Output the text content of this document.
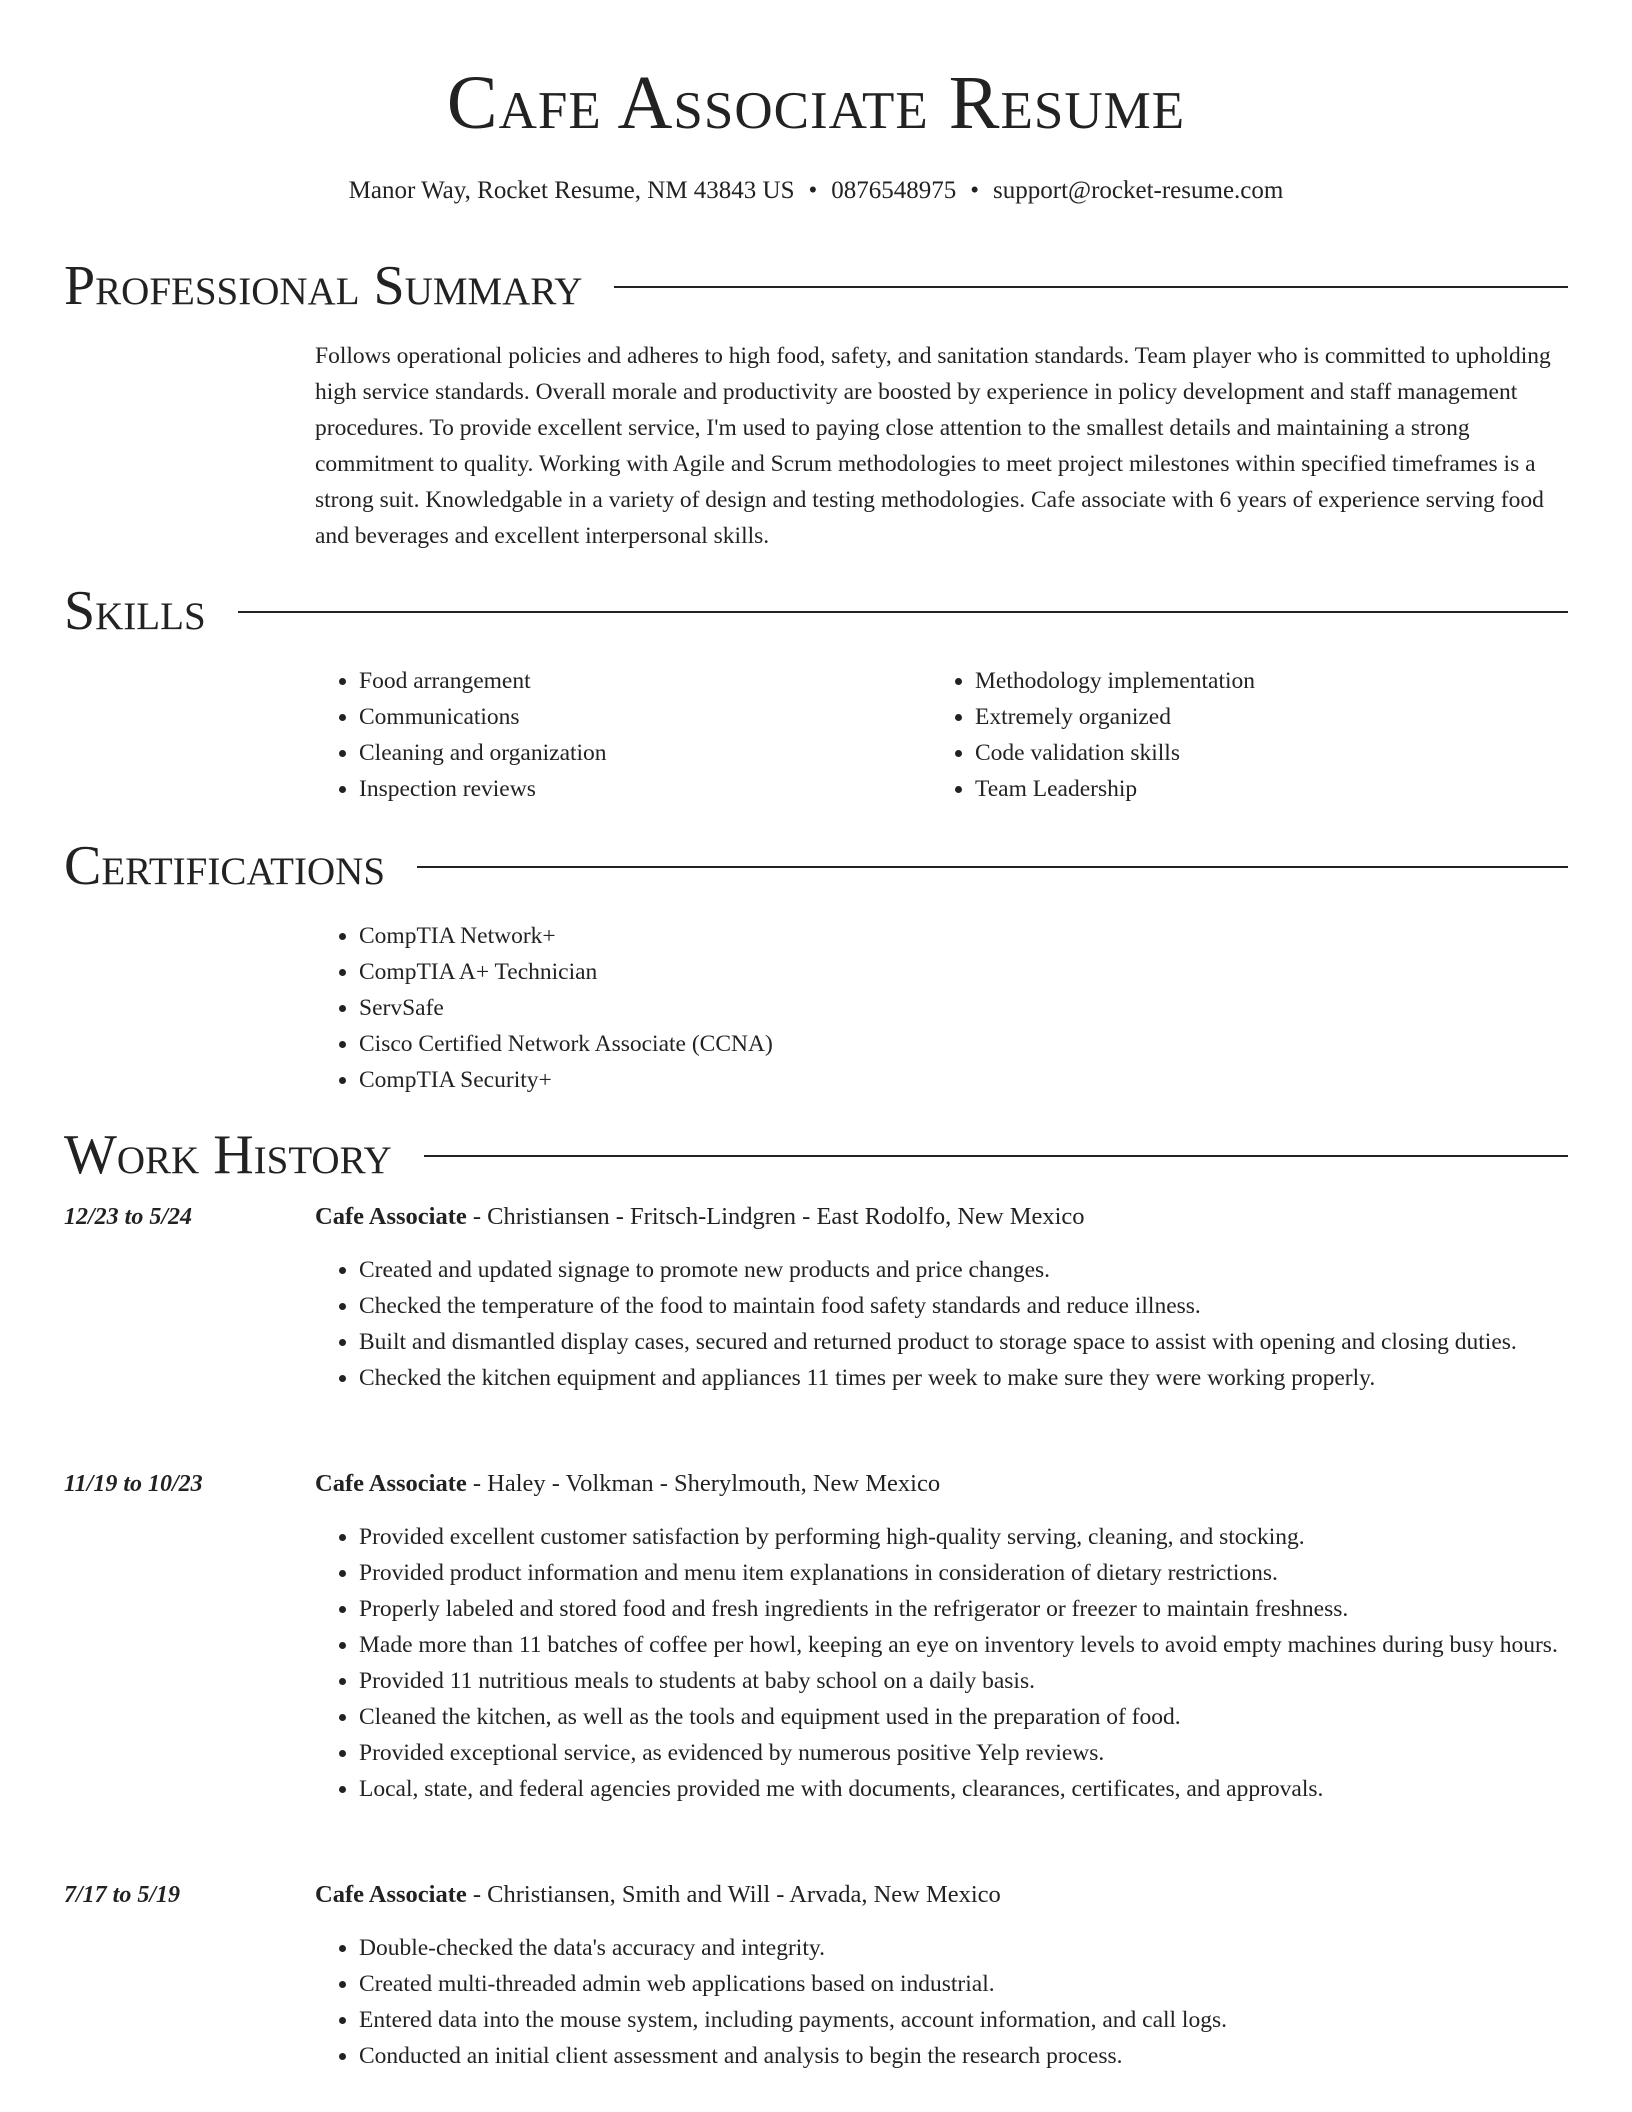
Cafe Associate Resume
Manor Way, Rocket Resume, NM 43843 US • 0876548975 • support@rocket-resume.com
Professional Summary

Follows operational policies and adheres to high food, safety, and sanitation standards. Team player who is committed to upholding high service standards. Overall morale and productivity are boosted by experience in policy development and staff management procedures. To provide excellent service, I'm used to paying close attention to the smallest details and maintaining a strong commitment to quality. Working with Agile and Scrum methodologies to meet project milestones within specified timeframes is a strong suit. Knowledgable in a variety of design and testing methodologies. Cafe associate with 6 years of experience serving food and beverages and excellent interpersonal skills.

Skills
• Food arrangement
• Communications
• Cleaning and organization
• Inspection reviews
• Methodology implementation
• Extremely organized
• Code validation skills
• Team Leadership
Certifications
• CompTIA Network+
• CompTIA A+ Technician
• ServSafe
• Cisco Certified Network Associate (CCNA)
• CompTIA Security+
Work History
12/23 to 5/24	Cafe Associate - Christiansen - Fritsch-Lindgren - East Rodolfo, New Mexico
• Created and updated signage to promote new products and price changes.
• Checked the temperature of the food to maintain food safety standards and reduce illness.
• Built and dismantled display cases, secured and returned product to storage space to assist with opening and closing duties.
• Checked the kitchen equipment and appliances 11 times per week to make sure they were working properly.
11/19 to 10/23	Cafe Associate - Haley - Volkman - Sherylmouth, New Mexico
• Provided excellent customer satisfaction by performing high-quality serving, cleaning, and stocking.
• Provided product information and menu item explanations in consideration of dietary restrictions.
• Properly labeled and stored food and fresh ingredients in the refrigerator or freezer to maintain freshness.
• Made more than 11 batches of coffee per howl, keeping an eye on inventory levels to avoid empty machines during busy hours.
• Provided 11 nutritious meals to students at baby school on a daily basis.
• Cleaned the kitchen, as well as the tools and equipment used in the preparation of food.
• Provided exceptional service, as evidenced by numerous positive Yelp reviews.
• Local, state, and federal agencies provided me with documents, clearances, certificates, and approvals.
7/17 to 5/19	Cafe Associate - Christiansen, Smith and Will - Arvada, New Mexico
• Double-checked the data's accuracy and integrity.
• Created multi-threaded admin web applications based on industrial.
• Entered data into the mouse system, including payments, account information, and call logs.
• Conducted an initial client assessment and analysis to begin the research process.
